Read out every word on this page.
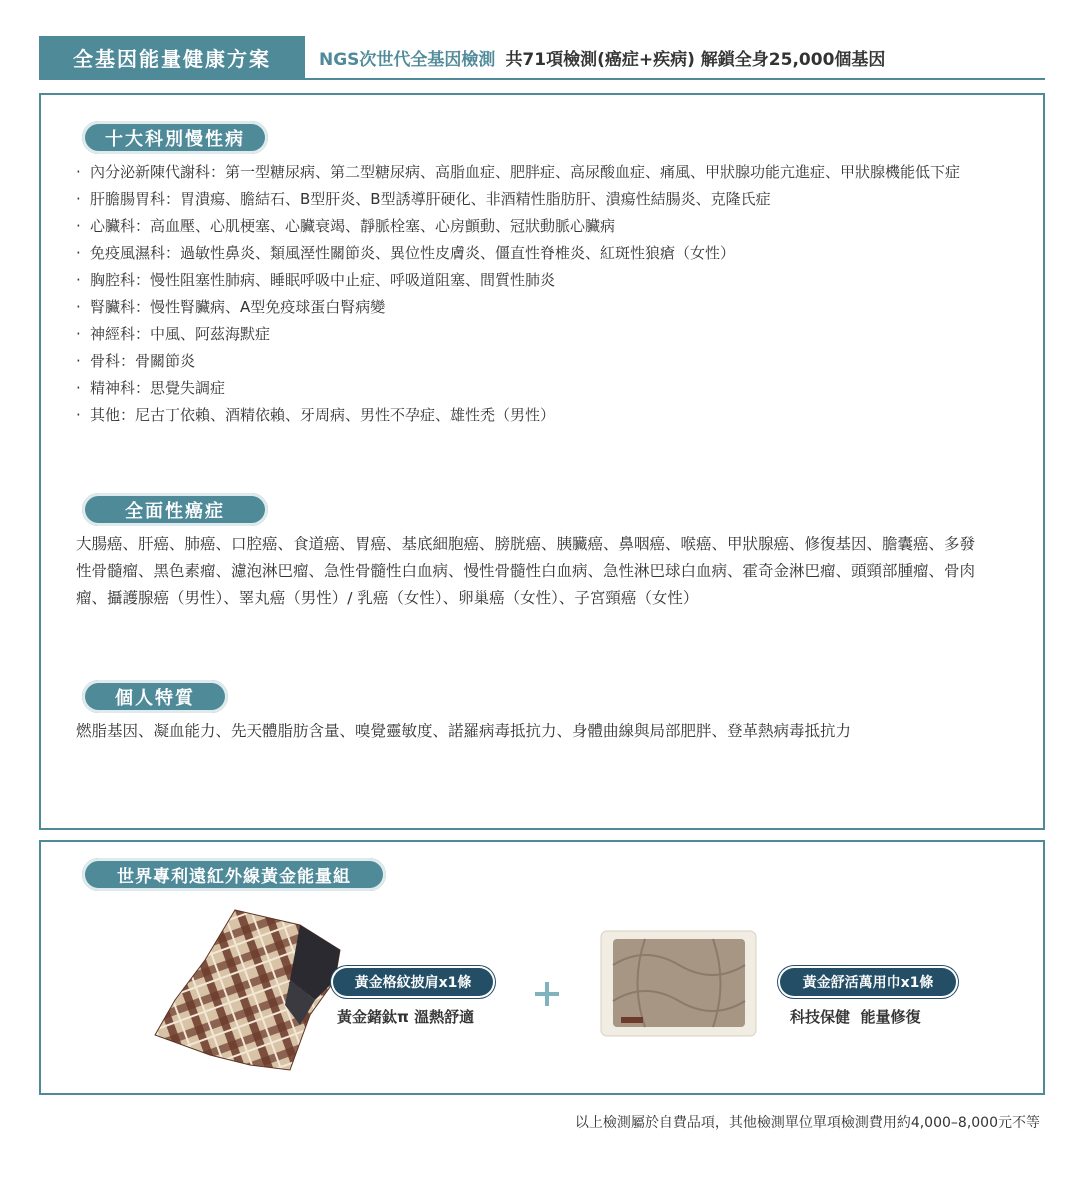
全基因能量健康方案	NGS次世代全基因檢測 共71項檢測(癌症+疾病) 解鎖全身25,000個基因
十大科別慢性病
· 內分泌新陳代謝科：第一型糖尿病、第二型糖尿病、高脂血症、肥胖症、高尿酸血症、痛風、甲狀腺功能亢進症、甲狀腺機能低下症
· 肝膽腸胃科：胃潰瘍、膽結石、B型肝炎、B型誘導肝硬化、非酒精性脂肪肝、潰瘍性結腸炎、克隆氏症
· 心臟科：高血壓、心肌梗塞、心臟衰竭、靜脈栓塞、心房顫動、冠狀動脈心臟病
· 免疫風濕科：過敏性鼻炎、類風溼性關節炎、異位性皮膚炎、僵直性脊椎炎、紅斑性狼瘡（女性）
· 胸腔科：慢性阻塞性肺病、睡眠呼吸中止症、呼吸道阻塞、間質性肺炎
· 腎臟科：慢性腎臟病、A型免疫球蛋白腎病變
· 神經科：中風、阿茲海默症
· 骨科：骨關節炎
· 精神科：思覺失調症
· 其他：尼古丁依賴、酒精依賴、牙周病、男性不孕症、雄性禿（男性）
全面性癌症
大腸癌、肝癌、肺癌、口腔癌、食道癌、胃癌、基底細胞癌、膀胱癌、胰臟癌、鼻咽癌、喉癌、甲狀腺癌、修復基因、膽囊癌、多發性骨髓瘤、黑色素瘤、濾泡淋巴瘤、急性骨髓性白血病、慢性骨髓性白血病、急性淋巴球白血病、霍奇金淋巴瘤、頭頸部腫瘤、骨肉瘤、攝護腺癌（男性）、睪丸癌（男性）/ 乳癌（女性）、卵巢癌（女性）、子宮頸癌（女性）
個人特質
燃脂基因、凝血能力、先天體脂肪含量、嗅覺靈敏度、諾羅病毒抵抗力、身體曲線與局部肥胖、登革熱病毒抵抗力
世界專利遠紅外線黃金能量組
黃金格紋披肩x1條
黃金鍺鈦π 溫熱舒適
黃金舒活萬用巾x1條
科技保健  能量修復
以上檢測屬於自費品項，其他檢測單位單項檢測費用約4,000–8,000元不等
